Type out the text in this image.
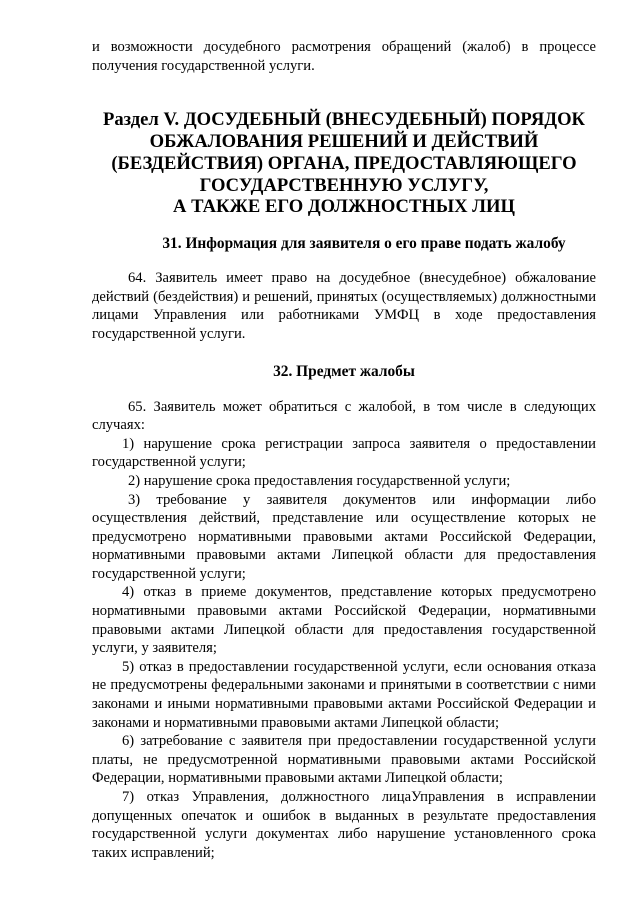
и возможности досудебного расмотрения обращений (жалоб) в процессе получения государственной услуги.

Раздел V. ДОСУДЕБНЫЙ (ВНЕСУДЕБНЫЙ) ПОРЯДОК
ОБЖАЛОВАНИЯ РЕШЕНИЙ И ДЕЙСТВИЙ
(БЕЗДЕЙСТВИЯ) ОРГАНА, ПРЕДОСТАВЛЯЮЩЕГО
ГОСУДАРСТВЕННУЮ УСЛУГУ,
А ТАКЖЕ ЕГО ДОЛЖНОСТНЫХ ЛИЦ
31. Информация для заявителя о его праве подать жалобу

64. Заявитель имеет право на досудебное (внесудебное) обжалование действий (бездействия) и решений, принятых (осуществляемых) должностными лицами Управления или работниками УМФЦ в ходе предоставления государственной услуги.

32. Предмет жалобы

65. Заявитель может обратиться с жалобой, в том числе в следующих случаях:

1) нарушение срока регистрации запроса заявителя о предоставлении государственной услуги;

2) нарушение срока предоставления государственной услуги;

3) требование у заявителя документов или информации либо осуществления действий, представление или осуществление которых не предусмотрено нормативными правовыми актами Российской Федерации, нормативными правовыми актами Липецкой области для предоставления государственной услуги;

4) отказ в приеме документов, представление которых предусмотрено нормативными правовыми актами Российской Федерации, нормативными правовыми актами Липецкой области для предоставления государственной услуги, у заявителя;

5) отказ в предоставлении государственной услуги, если основания отказа не предусмотрены федеральными законами и принятыми в соответствии с ними законами и иными нормативными правовыми актами Российской Федерации и законами и нормативными правовыми актами Липецкой области;

6) затребование с заявителя при предоставлении государственной услуги платы, не предусмотренной нормативными правовыми актами Российской Федерации, нормативными правовыми актами Липецкой области;

7) отказ Управления, должностного лицаУправления в исправлении допущенных опечаток и ошибок в выданных в результате предоставления государственной услуги документах либо нарушение установленного срока таких исправлений;
